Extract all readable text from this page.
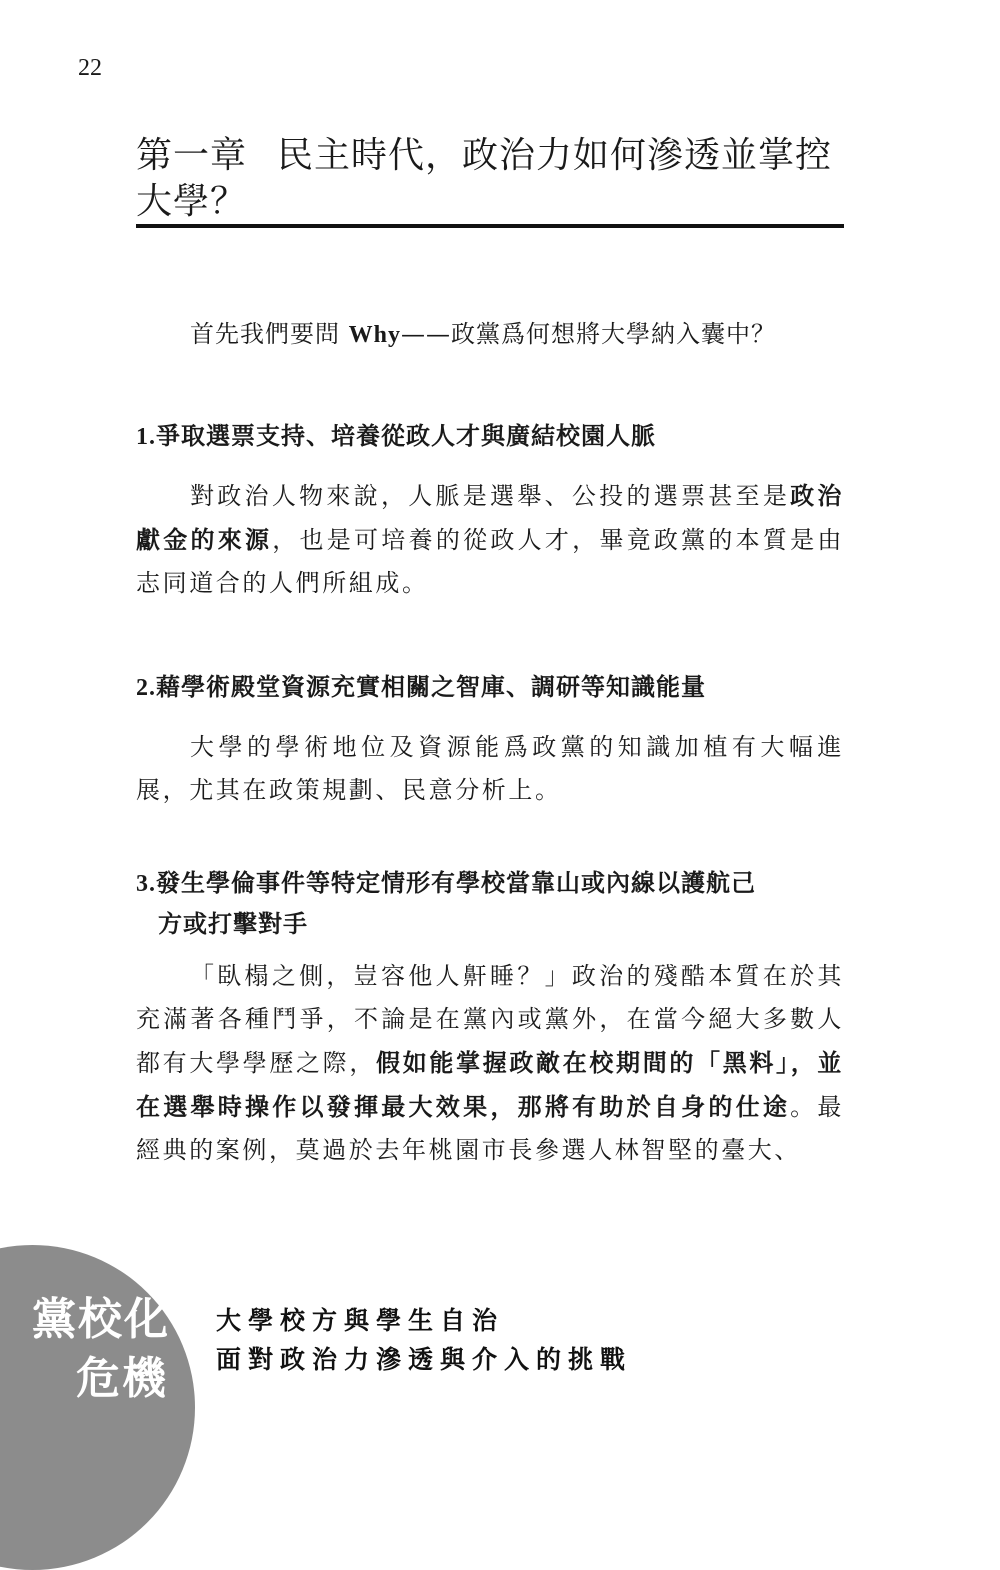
22
第一章 民主時代，政治力如何滲透並掌控大學？
首先我們要問 Why——政黨爲何想將大學納入囊中？
1.爭取選票支持、培養從政人才與廣結校園人脈
對政治人物來說，人脈是選舉、公投的選票甚至是政治獻金的來源，也是可培養的從政人才，畢竟政黨的本質是由志同道合的人們所組成。
2.藉學術殿堂資源充實相關之智庫、調研等知識能量
大學的學術地位及資源能爲政黨的知識加植有大幅進展，尤其在政策規劃、民意分析上。
3.發生學倫事件等特定情形有學校當靠山或內線以護航己
方或打擊對手
「臥榻之側，豈容他人鼾睡？」政治的殘酷本質在於其充滿著各種鬥爭，不論是在黨內或黨外，在當今絕大多數人都有大學學歷之際，假如能掌握政敵在校期間的「黑料」，並在選舉時操作以發揮最大效果，那將有助於自身的仕途。最經典的案例，莫過於去年桃園市長參選人林智堅的臺大、
黨校化
危機
大學校方與學生自治
面對政治力滲透與介入的挑戰
